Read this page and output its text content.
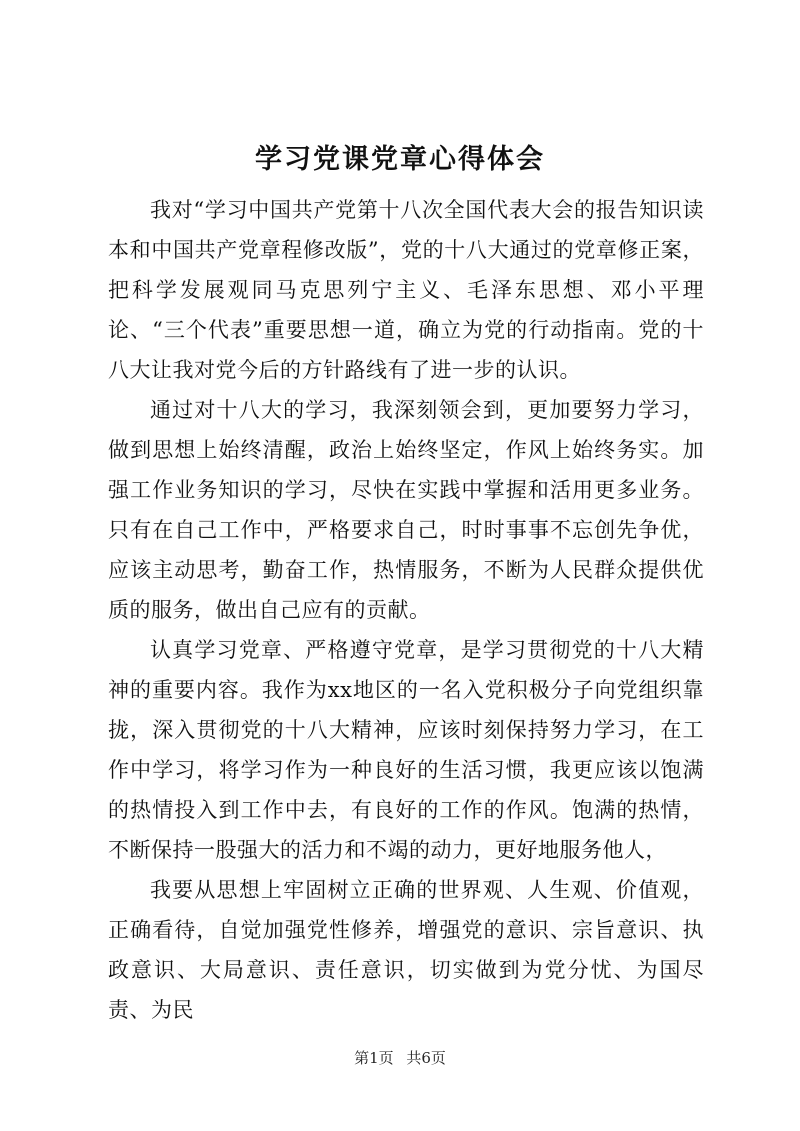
学习党课党章心得体会

我对“学习中国共产党第十八次全国代表大会的报告知识读本和中国共产党章程修改版”，党的十八大通过的党章修正案，把科学发展观同马克思列宁主义、毛泽东思想、邓小平理论、“三个代表”重要思想一道，确立为党的行动指南。党的十八大让我对党今后的方针路线有了进一步的认识。

通过对十八大的学习，我深刻领会到，更加要努力学习，做到思想上始终清醒，政治上始终坚定，作风上始终务实。加强工作业务知识的学习，尽快在实践中掌握和活用更多业务。只有在自己工作中，严格要求自己，时时事事不忘创先争优，应该主动思考，勤奋工作，热情服务，不断为人民群众提供优质的服务，做出自己应有的贡献。

认真学习党章、严格遵守党章，是学习贯彻党的十八大精神的重要内容。我作为xx地区的一名入党积极分子向党组织靠拢，深入贯彻党的十八大精神，应该时刻保持努力学习，在工作中学习，将学习作为一种良好的生活习惯，我更应该以饱满的热情投入到工作中去，有良好的工作的作风。饱满的热情，不断保持一股强大的活力和不竭的动力，更好地服务他人，

我要从思想上牢固树立正确的世界观、人生观、价值观，正确看待，自觉加强党性修养，增强党的意识、宗旨意识、执政意识、大局意识、责任意识，切实做到为党分忧、为国尽责、为民

第1页 共6页
